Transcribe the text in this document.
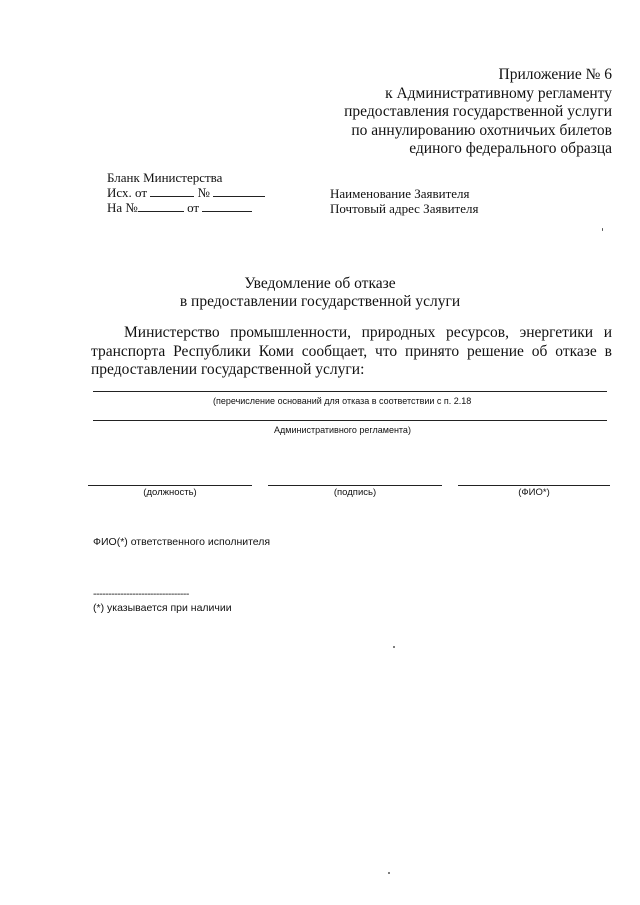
Приложение № 6
к Административному регламенту
предоставления государственной услуги
по аннулированию охотничьих билетов
единого федерального образца
Бланк Министерства
Исх. от	№
На №	от
Наименование Заявителя
Почтовый адрес Заявителя
Уведомление об отказе
в предоставлении государственной услуги
Министерство промышленности, природных ресурсов, энергетики и транспорта Республики Коми сообщает, что принято решение об отказе в предоставлении государственной услуги:
(перечисление оснований для отказа в соответствии с п. 2.18
Административного регламента)
(должность)	(подпись)	(ФИО*)
ФИО(*) ответственного исполнителя
--------------------------------
(*) указывается при наличии
